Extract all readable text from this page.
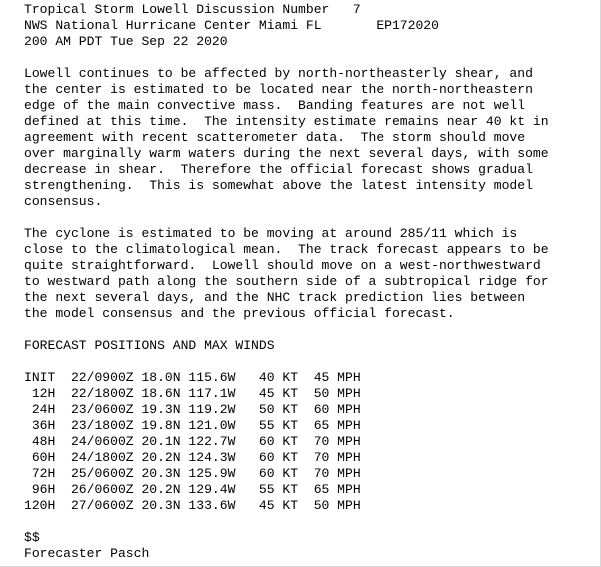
Tropical Storm Lowell Discussion Number   7
NWS National Hurricane Center Miami FL       EP172020
200 AM PDT Tue Sep 22 2020

Lowell continues to be affected by north-northeasterly shear, and
the center is estimated to be located near the north-northeastern
edge of the main convective mass.  Banding features are not well
defined at this time.  The intensity estimate remains near 40 kt in
agreement with recent scatterometer data.  The storm should move
over marginally warm waters during the next several days, with some
decrease in shear.  Therefore the official forecast shows gradual
strengthening.  This is somewhat above the latest intensity model
consensus.

The cyclone is estimated to be moving at around 285/11 which is
close to the climatological mean.  The track forecast appears to be
quite straightforward.  Lowell should move on a west-northwestward
to westward path along the southern side of a subtropical ridge for
the next several days, and the NHC track prediction lies between
the model consensus and the previous official forecast.

FORECAST POSITIONS AND MAX WINDS

INIT  22/0900Z 18.0N 115.6W   40 KT  45 MPH
12H  22/1800Z 18.6N 117.1W   45 KT  50 MPH
24H  23/0600Z 19.3N 119.2W   50 KT  60 MPH
36H  23/1800Z 19.8N 121.0W   55 KT  65 MPH
48H  24/0600Z 20.1N 122.7W   60 KT  70 MPH
60H  24/1800Z 20.2N 124.3W   60 KT  70 MPH
72H  25/0600Z 20.3N 125.9W   60 KT  70 MPH
96H  26/0600Z 20.2N 129.4W   55 KT  65 MPH
120H  27/0600Z 20.3N 133.6W   45 KT  50 MPH

$$
Forecaster Pasch
